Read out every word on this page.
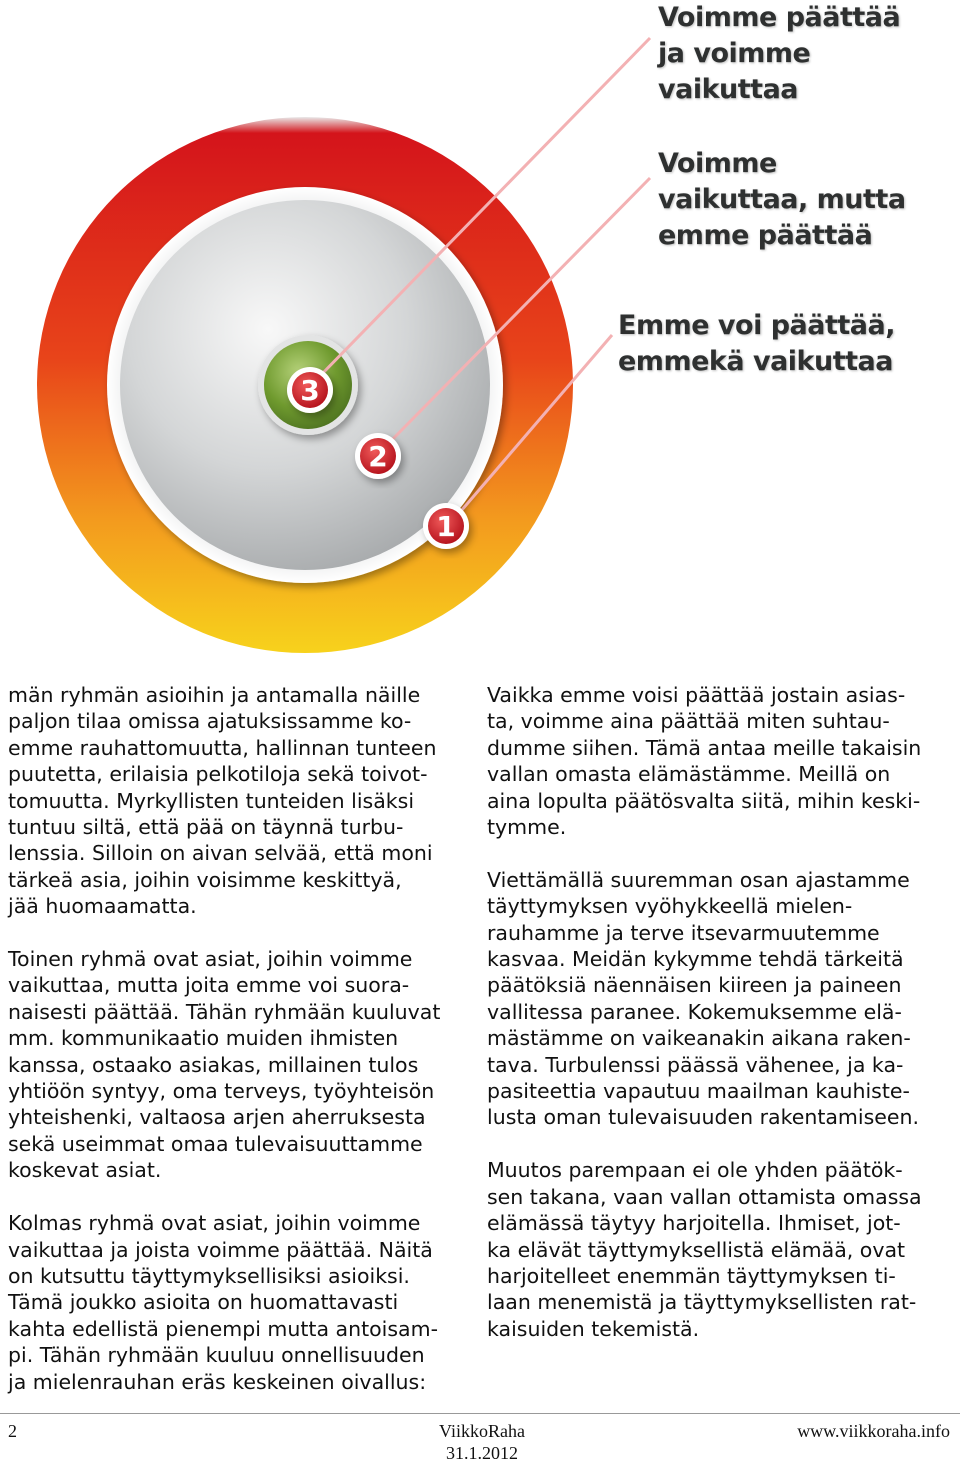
3
2
1
Voimme päättää
ja voimme
vaikuttaa
Voimme
vaikuttaa, mutta
emme päättää
Emme voi päättää,
emmekä vaikuttaa

män ryhmän asioihin ja antamalla näille
paljon tilaa omissa ajatuksissamme ko-
emme rauhattomuutta, hallinnan tunteen
puutetta, erilaisia pelkotiloja sekä toivot-
tomuutta. Myrkyllisten tunteiden lisäksi
tuntuu siltä, että pää on täynnä turbu-
lenssia. Silloin on aivan selvää, että moni
tärkeä asia, joihin voisimme keskittyä,
jää huomaamatta.

Toinen ryhmä ovat asiat, joihin voimme
vaikuttaa, mutta joita emme voi suora-
naisesti päättää. Tähän ryhmään kuuluvat
mm. kommunikaatio muiden ihmisten
kanssa, ostaako asiakas, millainen tulos
yhtiöön syntyy, oma terveys, työyhteisön
yhteishenki, valtaosa arjen aherruksesta
sekä useimmat omaa tulevaisuuttamme
koskevat asiat.

Kolmas ryhmä ovat asiat, joihin voimme
vaikuttaa ja joista voimme päättää. Näitä
on kutsuttu täyttymyksellisiksi asioiksi.
Tämä joukko asioita on huomattavasti
kahta edellistä pienempi mutta antoisam-
pi. Tähän ryhmään kuuluu onnellisuuden
ja mielenrauhan eräs keskeinen oivallus:

Vaikka emme voisi päättää jostain asias-
ta, voimme aina päättää miten suhtau-
dumme siihen. Tämä antaa meille takaisin
vallan omasta elämästämme. Meillä on
aina lopulta päätösvalta siitä, mihin keski-
tymme.

Viettämällä suuremman osan ajastamme
täyttymyksen vyöhykkeellä mielen-
rauhamme ja terve itsevarmuutemme
kasvaa. Meidän kykymme tehdä tärkeitä
päätöksiä näennäisen kiireen ja paineen
vallitessa paranee. Kokemuksemme elä-
mästämme on vaikeanakin aikana raken-
tava. Turbulenssi päässä vähenee, ja ka-
pasiteettia vapautuu maailman kauhiste-
lusta oman tulevaisuuden rakentamiseen.

Muutos parempaan ei ole yhden päätök-
sen takana, vaan vallan ottamista omassa
elämässä täytyy harjoitella. Ihmiset, jot-
ka elävät täyttymyksellistä elämää, ovat
harjoitelleet enemmän täyttymyksen ti-
laan menemistä ja täyttymyksellisten rat-
kaisuiden tekemistä.

2	ViikkoRaha
31.1.2012
www.viikkoraha.info
